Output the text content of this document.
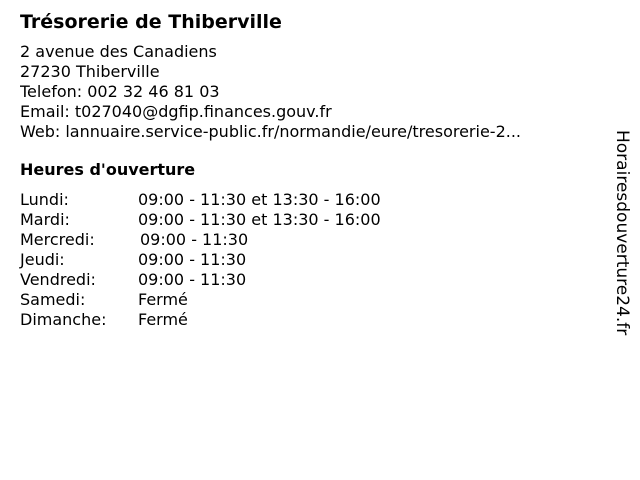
Trésorerie de Thiberville
2 avenue des Canadiens
27230 Thiberville
Telefon: 002 32 46 81 03
Email: t027040@dgfip.finances.gouv.fr
Web: lannuaire.service-public.fr/normandie/eure/tresorerie-2...
Heures d'ouverture
Lundi:	09:00 - 11:30 et 13:30 - 16:00
Mardi:	09:00 - 11:30 et 13:30 - 16:00
Mercredi:	09:00 - 11:30
Jeudi:	09:00 - 11:30
Vendredi:	09:00 - 11:30
Samedi:	Fermé
Dimanche:	Fermé	Horairesdouverture24.fr
